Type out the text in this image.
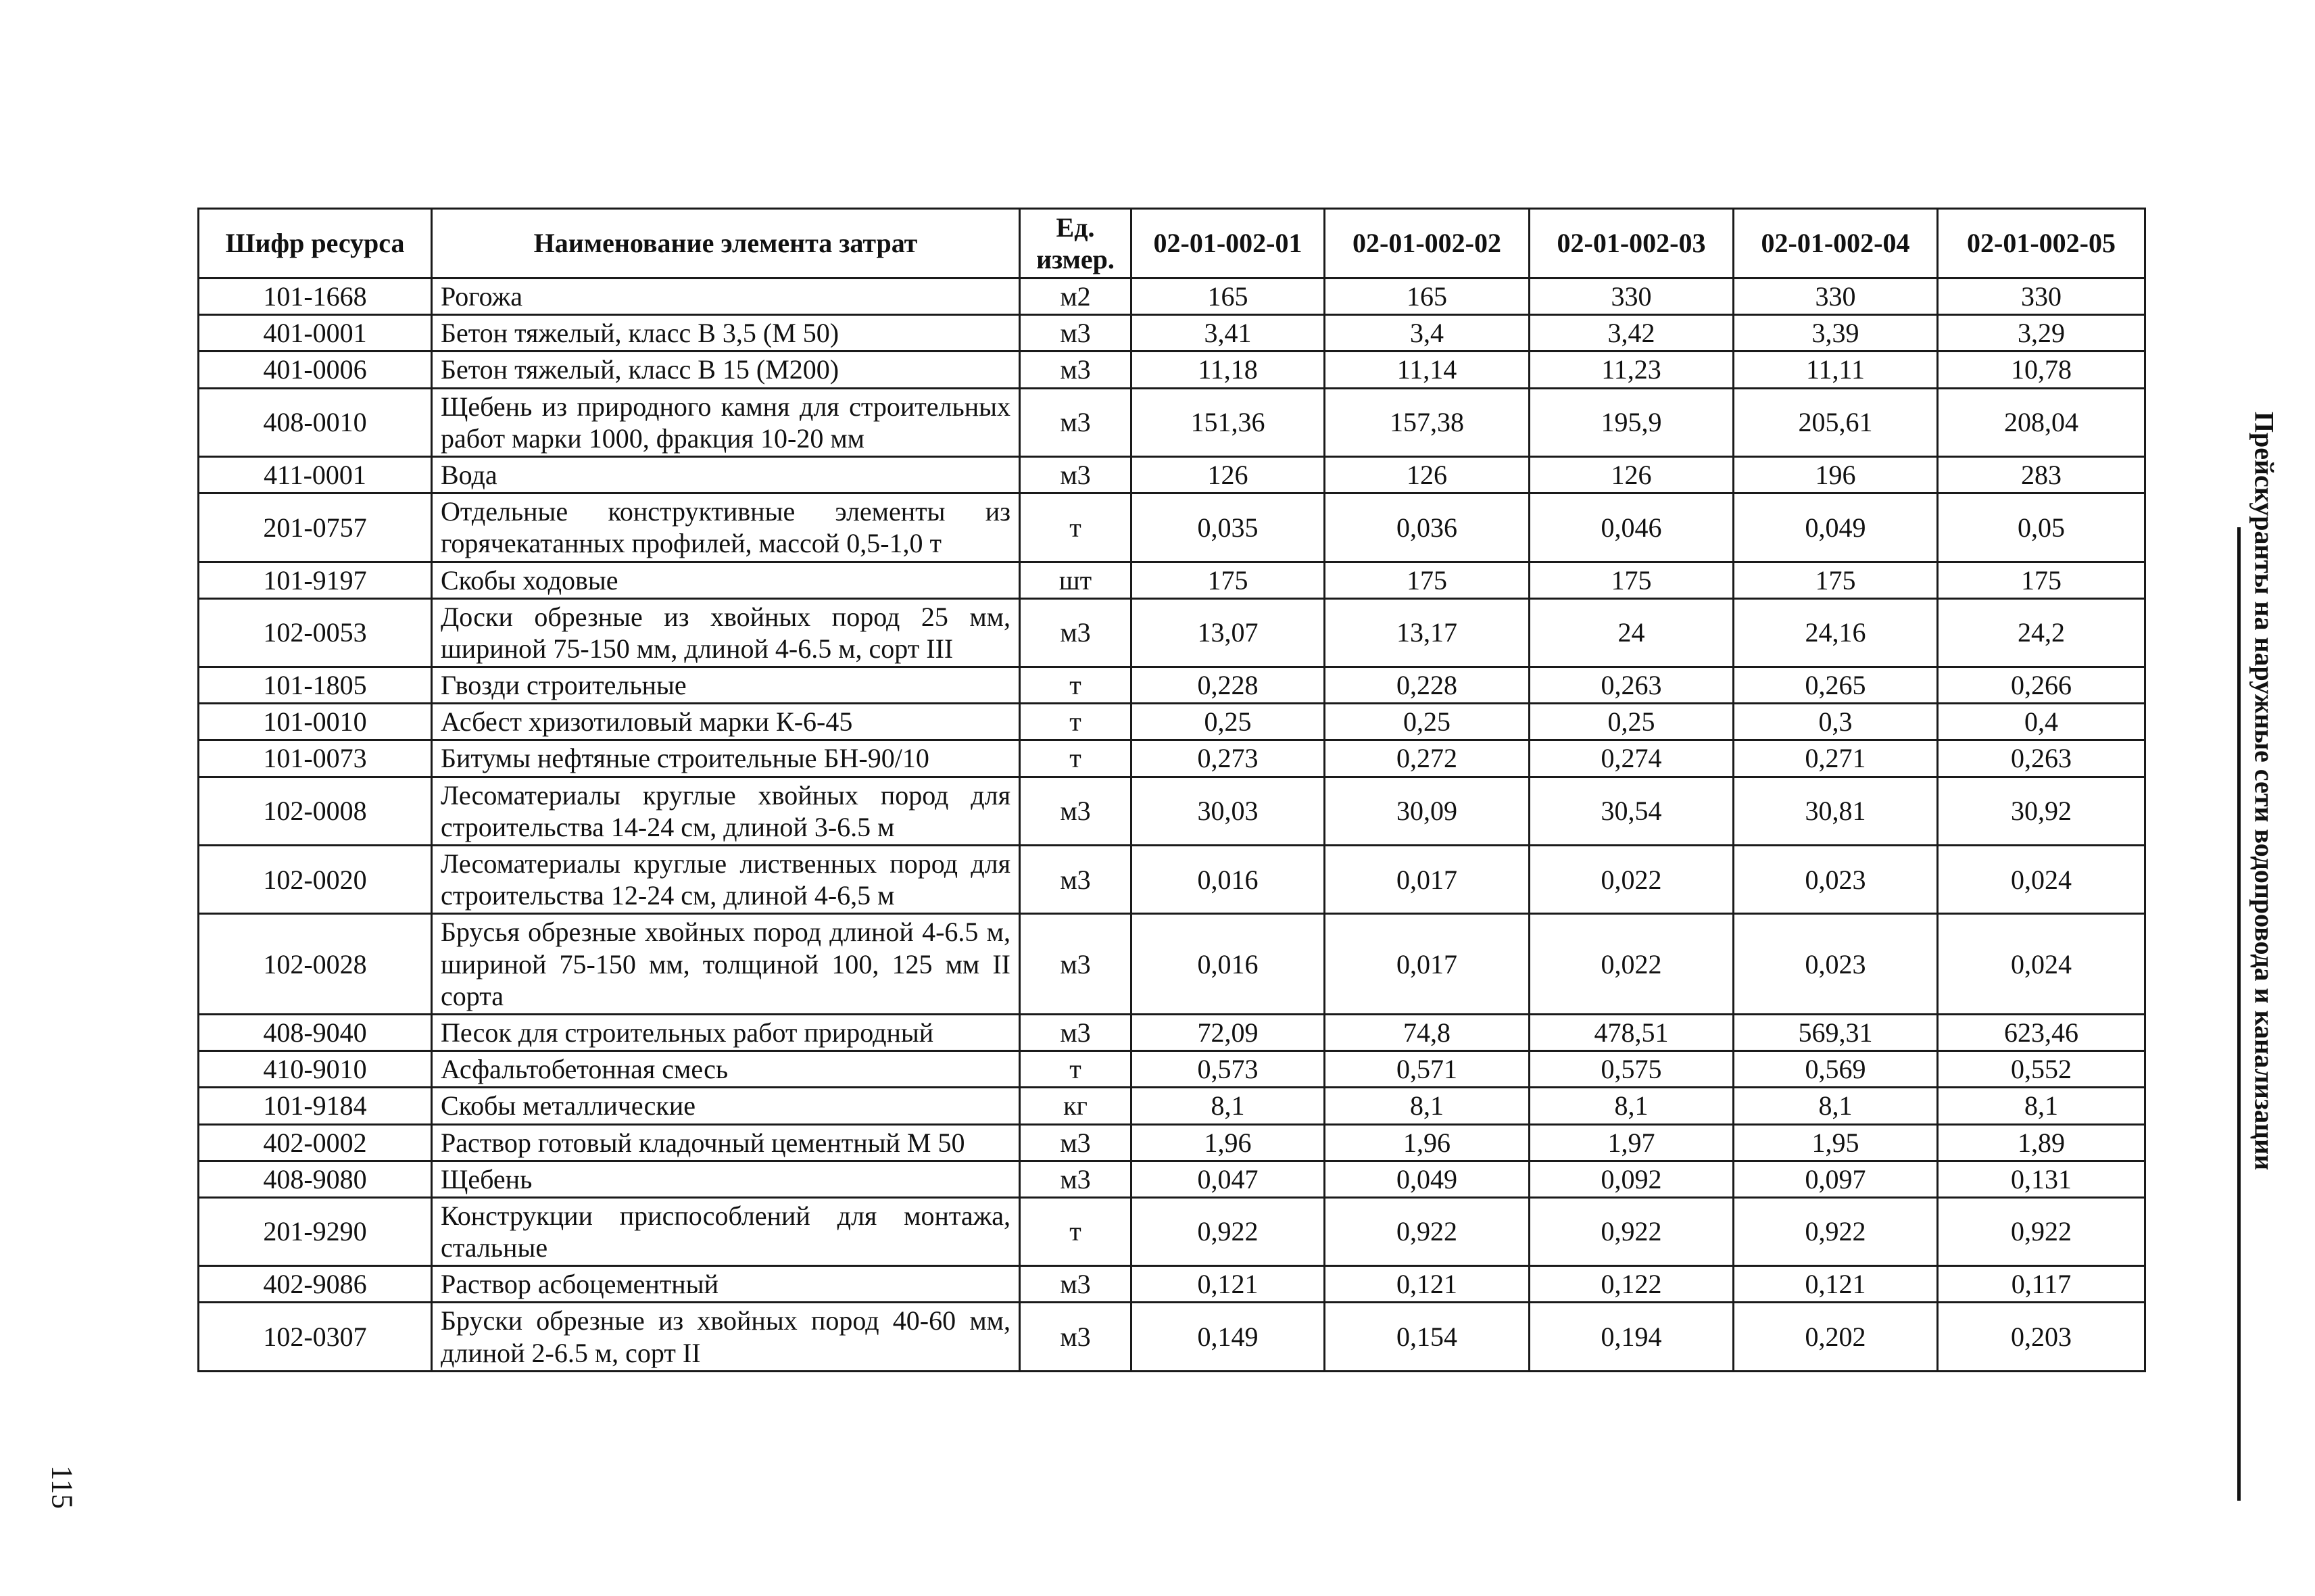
Шифр ресурса	Наименование элемента затрат	Ед. измер.	02-01-002-01	02-01-002-02	02-01-002-03	02-01-002-04	02-01-002-05
101-1668	Рогожа	м2	165	165	330	330	330
401-0001	Бетон тяжелый, класс В 3,5 (М 50)	м3	3,41	3,4	3,42	3,39	3,29
401-0006	Бетон тяжелый, класс В 15 (М200)	м3	11,18	11,14	11,23	11,11	10,78
408-0010	Щебень из природного камня для строительных работ марки 1000, фракция 10-20 мм	м3	151,36	157,38	195,9	205,61	208,04
411-0001	Вода	м3	126	126	126	196	283
201-0757	Отдельные конструктивные элементы из горячекатанных профилей, массой 0,5-1,0 т	т	0,035	0,036	0,046	0,049	0,05
101-9197	Скобы ходовые	шт	175	175	175	175	175
102-0053	Доски обрезные из хвойных пород 25 мм, шириной 75-150 мм, длиной 4-6.5 м, сорт III	м3	13,07	13,17	24	24,16	24,2
101-1805	Гвозди строительные	т	0,228	0,228	0,263	0,265	0,266
101-0010	Асбест хризотиловый марки К-6-45	т	0,25	0,25	0,25	0,3	0,4
101-0073	Битумы нефтяные строительные БН-90/10	т	0,273	0,272	0,274	0,271	0,263
102-0008	Лесоматериалы круглые хвойных пород для строительства 14-24 см, длиной 3-6.5 м	м3	30,03	30,09	30,54	30,81	30,92
102-0020	Лесоматериалы круглые лиственных пород для строительства 12-24 см, длиной 4-6,5 м	м3	0,016	0,017	0,022	0,023	0,024
102-0028	Брусья обрезные хвойных пород длиной 4-6.5 м, шириной 75-150 мм, толщиной 100, 125 мм II сорта	м3	0,016	0,017	0,022	0,023	0,024
408-9040	Песок для строительных работ природный	м3	72,09	74,8	478,51	569,31	623,46
410-9010	Асфальтобетонная смесь	т	0,573	0,571	0,575	0,569	0,552
101-9184	Скобы металлические	кг	8,1	8,1	8,1	8,1	8,1
402-0002	Раствор готовый кладочный цементный М 50	м3	1,96	1,96	1,97	1,95	1,89
408-9080	Щебень	м3	0,047	0,049	0,092	0,097	0,131
201-9290	Конструкции приспособлений для монтажа, стальные	т	0,922	0,922	0,922	0,922	0,922
402-9086	Раствор асбоцементный	м3	0,121	0,121	0,122	0,121	0,117
102-0307	Бруски обрезные из хвойных пород 40-60 мм, длиной 2-6.5 м, сорт II	м3	0,149	0,154	0,194	0,202	0,203
Прейскуранты на наружные сети водопровода и канализации
115
